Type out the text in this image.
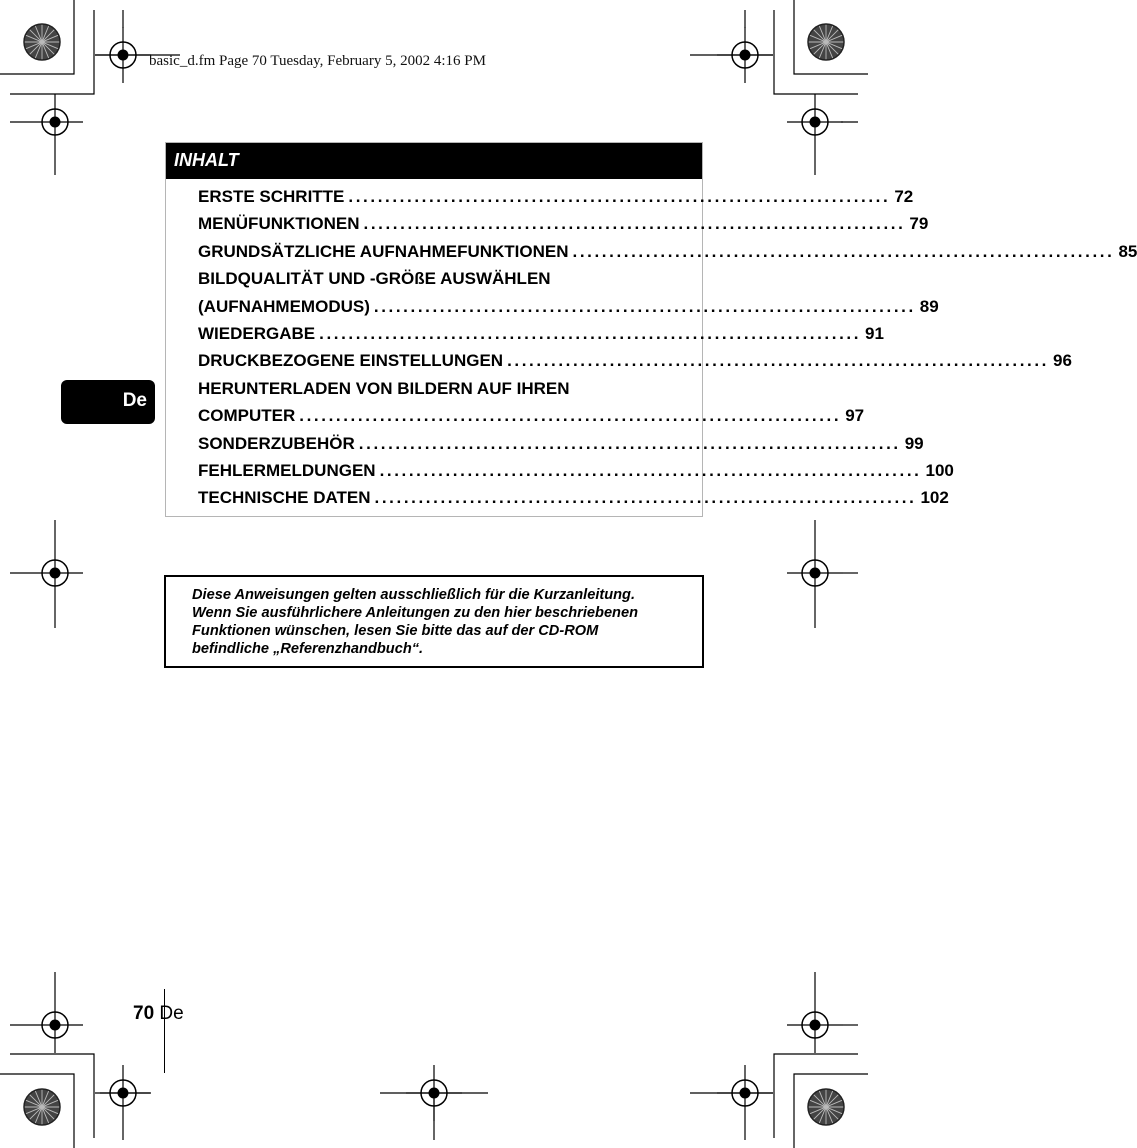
basic_d.fm Page 70 Tuesday, February 5, 2002 4:16 PM
INHALT
ERSTE SCHRITTE .......................................................................... 72
MENÜFUNKTIONEN .......................................................................... 79
GRUNDSÄTZLICHE AUFNAHMEFUNKTIONEN .......................................................................... 85
BILDQUALITÄT UND -GRÖßE AUSWÄHLEN
(AUFNAHMEMODUS) .......................................................................... 89
WIEDERGABE .......................................................................... 91
DRUCKBEZOGENE EINSTELLUNGEN .......................................................................... 96
HERUNTERLADEN VON BILDERN AUF IHREN
COMPUTER .......................................................................... 97
SONDERZUBEHÖR .......................................................................... 99
FEHLERMELDUNGEN .......................................................................... 100
TECHNISCHE DATEN .......................................................................... 102
De
Diese Anweisungen gelten ausschließlich für die Kurzanleitung.
Wenn Sie ausführlichere Anleitungen zu den hier beschriebenen
Funktionen wünschen, lesen Sie bitte das auf der CD-ROM
befindliche „Referenzhandbuch“.
70 De
